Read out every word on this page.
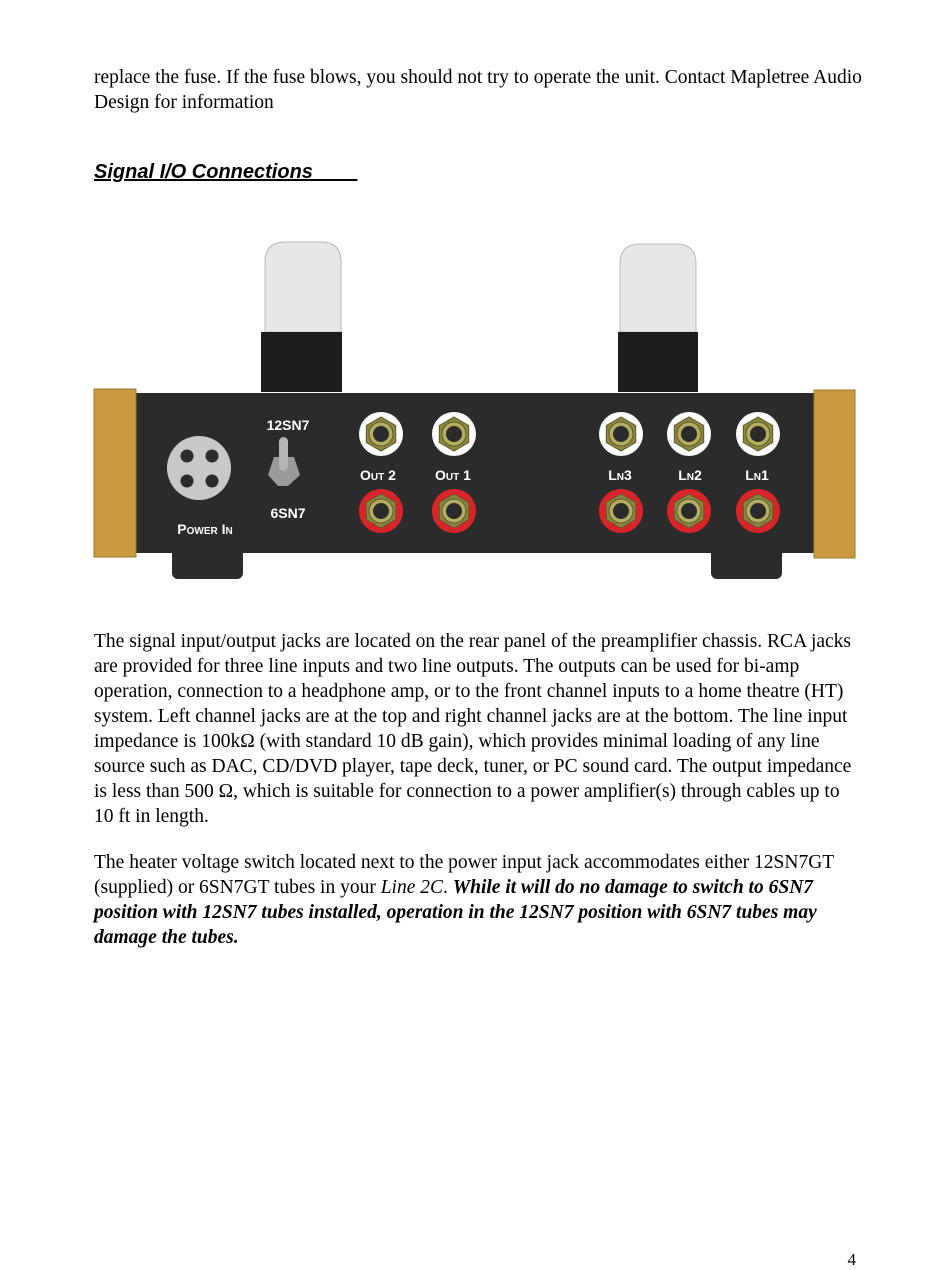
replace the fuse. If the fuse blows, you should not try to operate the unit. Contact Mapletree Audio Design for information

Signal I/O Connections____

Power In
12SN7
6SN7
Out 2	Out 1	Ln3	Ln2	Ln1

The signal input/output jacks are located on the rear panel of the preamplifier chassis. RCA jacks are provided for three line inputs and two line outputs. The outputs can be used for bi-amp operation, connection to a headphone amp, or to the front channel inputs to a home theatre (HT) system. Left channel jacks are at the top and right channel jacks are at the bottom. The line input impedance is 100kΩ (with standard 10 dB gain), which provides minimal loading of any line source such as DAC, CD/DVD player, tape deck, tuner, or PC sound card. The output impedance is less than 500 Ω, which is suitable for connection to a power amplifier(s) through cables up to 10 ft in length.

The heater voltage switch located next to the power input jack accommodates either 12SN7GT (supplied) or 6SN7GT tubes in your Line 2C. While it will do no damage to switch to 6SN7 position with 12SN7 tubes installed, operation in the 12SN7 position with 6SN7 tubes may damage the tubes.

4
